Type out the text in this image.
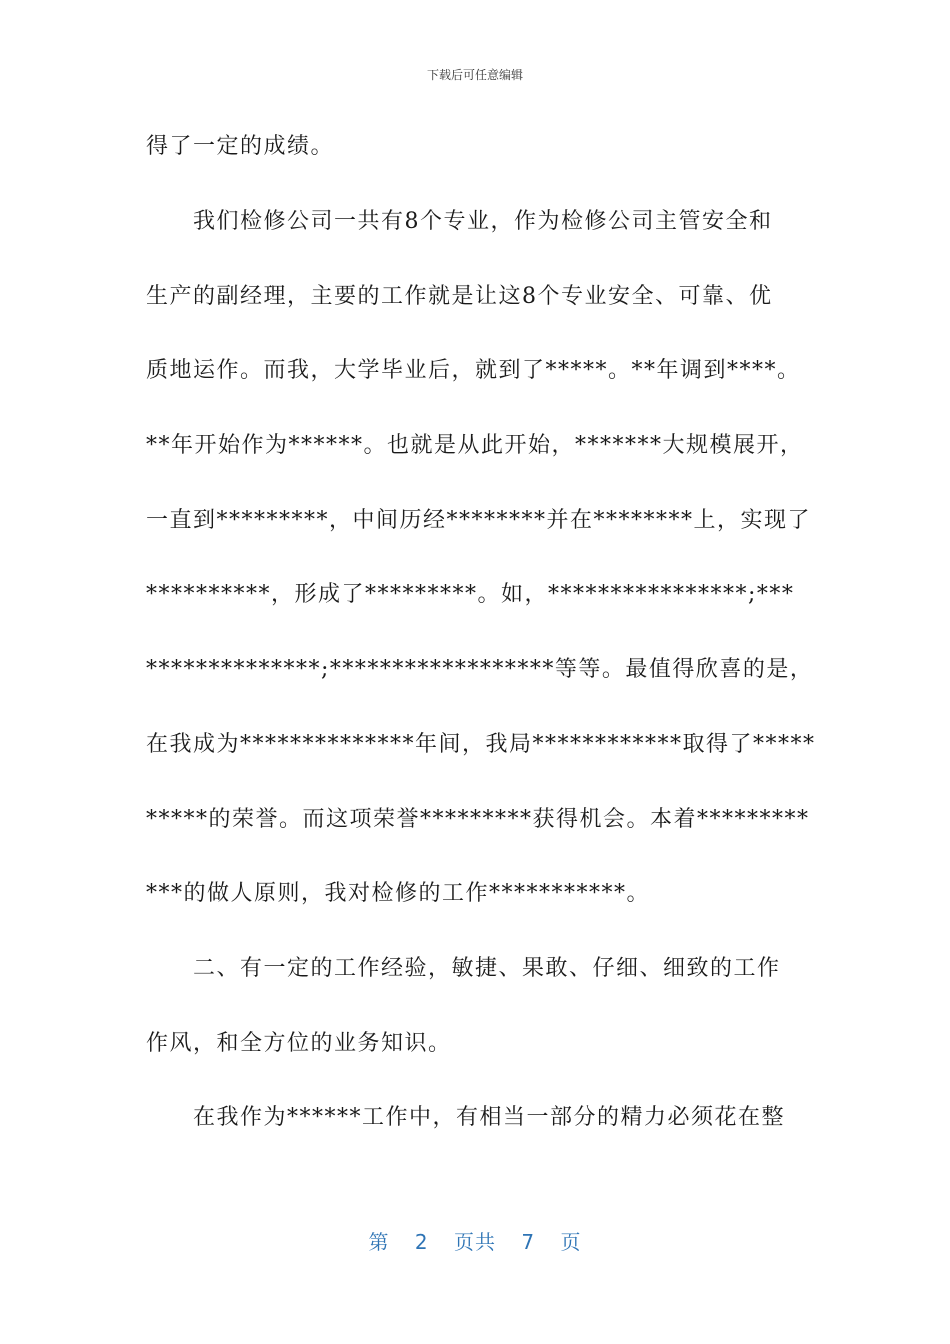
下载后可任意编辑
得了一定的成绩。
我们检修公司一共有8个专业，作为检修公司主管安全和
生产的副经理，主要的工作就是让这8个专业安全、可靠、优
质地运作。而我，大学毕业后，就到了*****。**年调到****。
**年开始作为******。也就是从此开始，*******大规模展开，
一直到*********，中间历经********并在********上，实现了
**********，形成了*********。如，****************;***
**************;******************等等。最值得欣喜的是，
在我成为**************年间，我局************取得了*****
*****的荣誉。而这项荣誉*********获得机会。本着*********
***的做人原则，我对检修的工作***********。
二、有一定的工作经验，敏捷、果敢、仔细、细致的工作
作风，和全方位的业务知识。
在我作为******工作中，有相当一部分的精力必须花在整
第 2 页共 7 页
